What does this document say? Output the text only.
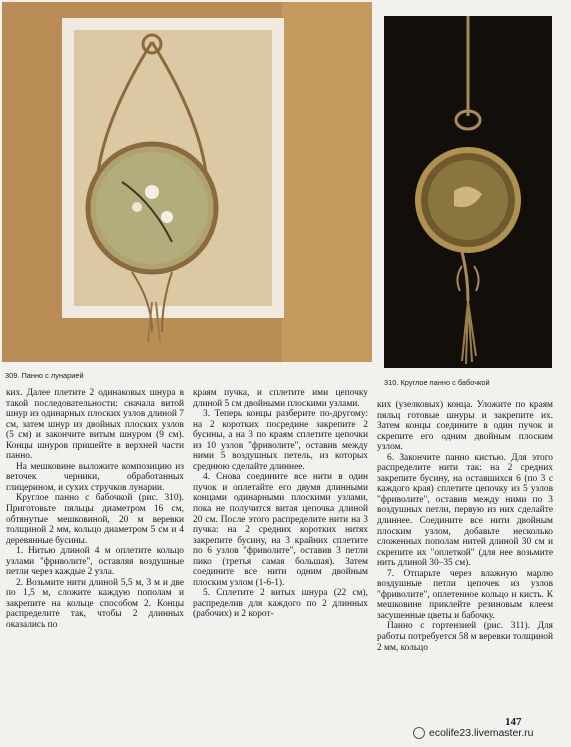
309. Панно с лунарией
310. Круглое панно с бабочкой

ких. Далее плетите 2 одинаковых шнура в такой последовательности: сначала витой шнур из одинарных плоских узлов длиной 7 см, затем шнур из двойных плоских узлов (5 см) и закончите витым шнуром (9 см). Концы шнуров пришейте в верхней части панно.

На мешковине выложите композицию из веточек черники, обработанных глицерином, и сухих стручков лунарии.

Круглое панно с бабочкой (рис. 310). Приготовьте пяльцы диаметром 16 см, обтянутые мешковиной, 20 м веревки толщиной 2 мм, кольцо диаметром 5 см и 4 деревянные бусины.

1. Нитью длиной 4 м оплетите кольцо узлами "фриволите", оставляя воздушные петли через каждые 2 узла.

2. Возьмите нити длиной 5,5 м, 3 м и две по 1,5 м, сложите каждую пополам и закрепите на кольце способом 2. Концы распределите так, чтобы 2 длинных оказались по

краям пучка, и сплетите ими цепочку длиной 5 см двойными плоскими узлами.

3. Теперь концы разберите по-другому: на 2 коротких посредине закрепите 2 бусины, а на 3 по краям сплетите цепочки из 10 узлов "фриволите", оставив между ними 5 воздушных петель, из которых среднюю сделайте длиннее.

4. Снова соедините все нити в один пучок и оплетайте его двумя длинными концами одинарными плоскими узлами, пока не получится витая цепочка длиной 20 см. После этого распределите нити на 3 пучка: на 2 средних коротких нитях закрепите бусину, на 3 крайних сплетите по 6 узлов "фриволите", оставив 3 петли пико (третья самая большая). Затем соедините все нити одним двойным плоским узлом (1-6-1).

5. Сплетите 2 витых шнура (22 см), распределив для каждого по 2 длинных (рабочих) и 2 корот-

ких (узелковых) конца. Уложите по краям пяльц готовые шнуры и закрепите их. Затем концы соедините в один пучок и скрепите его одним двойным плоским узлом.

6. Закончите панно кистью. Для этого распределите нити так: на 2 средних закрепите бусину, на оставшихся 6 (по 3 с каждого края) сплетите цепочку из 5 узлов "фриволите", оставив между ними по 3 воздушных петли, первую из них сделайте длиннее. Соедините все нити двойным плоским узлом, добавьте несколько сложенных пополам нитей длиной 30 см и скрепите их "оплеткой" (для нее возьмите нить длиной 30–35 см).

7. Отпарьте через влажную марлю воздушные петли цепочек из узлов "фриволите", оплетенное кольцо и кисть. К мешковине приклейте резиновым клеем засушенные цветы и бабочку.

Панно с гортензией (рис. 311). Для работы потребуется 58 м веревки толщиной 2 мм, кольцо

147
ecolife23.livemaster.ru
